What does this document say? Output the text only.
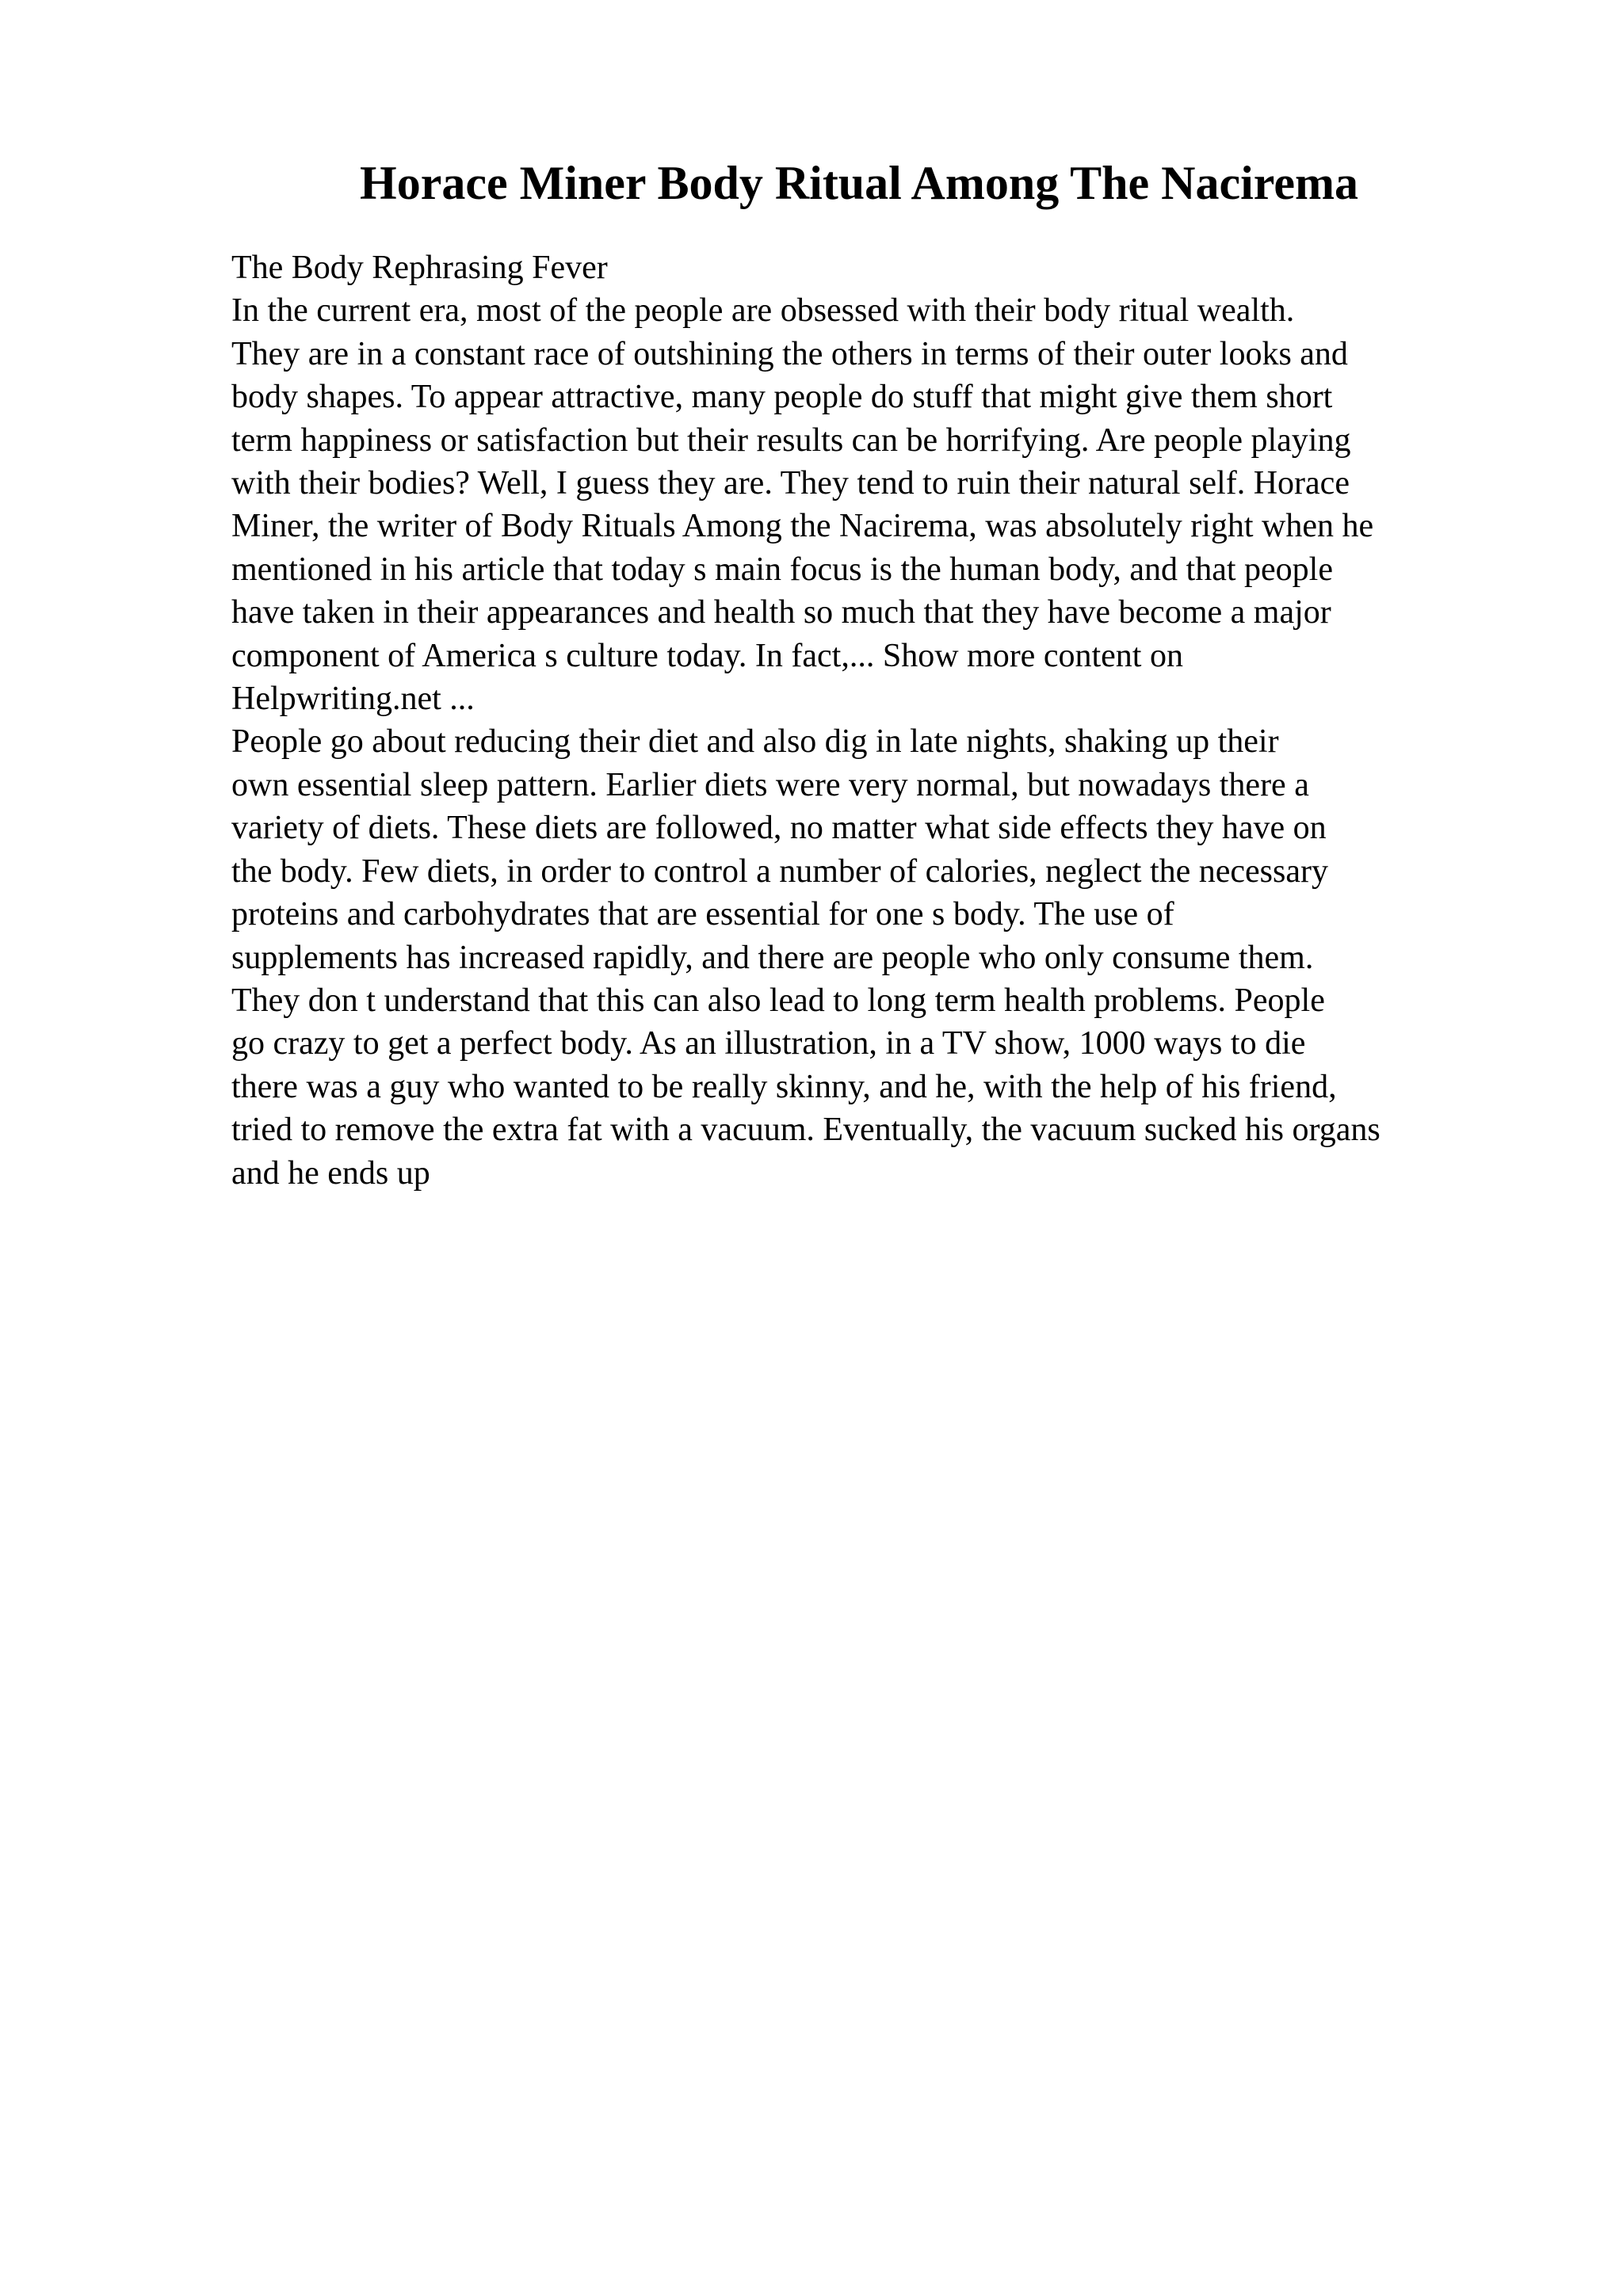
Horace Miner Body Ritual Among The Nacirema
The Body Rephrasing Fever
In the current era, most of the people are obsessed with their body ritual wealth.
They are in a constant race of outshining the others in terms of their outer looks and
body shapes. To appear attractive, many people do stuff that might give them short
term happiness or satisfaction but their results can be horrifying. Are people playing
with their bodies? Well, I guess they are. They tend to ruin their natural self. Horace
Miner, the writer of Body Rituals Among the Nacirema, was absolutely right when he
mentioned in his article that today s main focus is the human body, and that people
have taken in their appearances and health so much that they have become a major
component of America s culture today. In fact,... Show more content on
Helpwriting.net ...
People go about reducing their diet and also dig in late nights, shaking up their
own essential sleep pattern. Earlier diets were very normal, but nowadays there a
variety of diets. These diets are followed, no matter what side effects they have on
the body. Few diets, in order to control a number of calories, neglect the necessary
proteins and carbohydrates that are essential for one s body. The use of
supplements has increased rapidly, and there are people who only consume them.
They don t understand that this can also lead to long term health problems. People
go crazy to get a perfect body. As an illustration, in a TV show, 1000 ways to die
there was a guy who wanted to be really skinny, and he, with the help of his friend,
tried to remove the extra fat with a vacuum. Eventually, the vacuum sucked his organs
and he ends up
